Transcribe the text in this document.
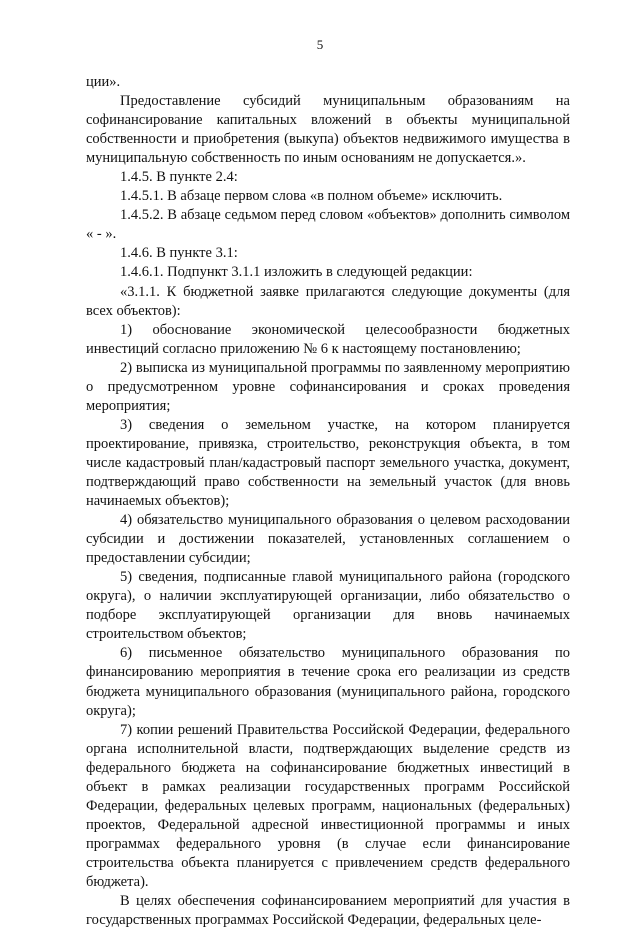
5

ции».

Предоставление субсидий муниципальным образованиям на софинансирование капитальных вложений в объекты муниципальной собственности и приобретения (выкупа) объектов недвижимого имущества в муниципальную собственность по иным основаниям не допускается.».

1.4.5. В пункте 2.4:

1.4.5.1. В абзаце первом слова «в полном объеме» исключить.

1.4.5.2. В абзаце седьмом перед словом «объектов» дополнить символом « - ».

1.4.6. В пункте 3.1:

1.4.6.1. Подпункт 3.1.1 изложить в следующей редакции:

«3.1.1. К бюджетной заявке прилагаются следующие документы (для всех объектов):

1) обоснование экономической целесообразности бюджетных инвестиций согласно приложению № 6 к настоящему постановлению;

2) выписка из муниципальной программы по заявленному мероприятию о предусмотренном уровне софинансирования и сроках проведения мероприятия;

3) сведения о земельном участке, на котором планируется проектирование, привязка, строительство, реконструкция объекта, в том числе кадастровый план/кадастровый паспорт земельного участка, документ, подтверждающий право собственности на земельный участок (для вновь начинаемых объектов);

4) обязательство муниципального образования о целевом расходовании субсидии и достижении показателей, установленных соглашением о предоставлении субсидии;

5) сведения, подписанные главой муниципального района (городского округа), о наличии эксплуатирующей организации, либо обязательство о подборе эксплуатирующей организации для вновь начинаемых строительством объектов;

6) письменное обязательство муниципального образования по финансированию мероприятия в течение срока его реализации из средств бюджета муниципального образования (муниципального района, городского округа);

7) копии решений Правительства Российской Федерации, федерального органа исполнительной власти, подтверждающих выделение средств из федерального бюджета на софинансирование бюджетных инвестиций в объект в рамках реализации государственных программ Российской Федерации, федеральных целевых программ, национальных (федеральных) проектов, Федеральной адресной инвестиционной программы и иных программах федерального уровня (в случае если финансирование строительства объекта планируется с привлечением средств федерального бюджета).

В целях обеспечения софинансированием мероприятий для участия в государственных программах Российской Федерации, федеральных целе-
